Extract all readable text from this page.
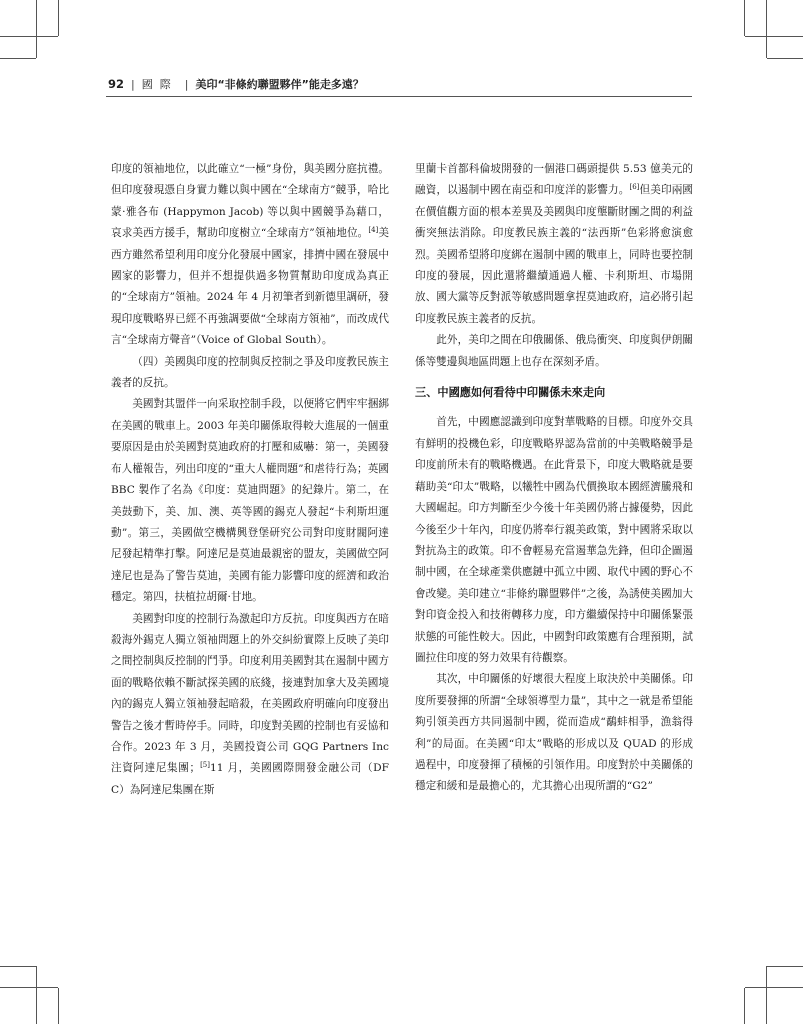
92 | 國際 | 美印“非條約聯盟夥伴”能走多遠？

印度的領袖地位，以此確立“一極”身份，與美國分庭抗禮。但印度發現憑自身實力難以與中國在“全球南方”競爭，哈比蒙·雅各布 (Happymon Jacob) 等以與中國競爭為藉口，哀求美西方援手，幫助印度樹立“全球南方”領袖地位。[4]美西方雖然希望利用印度分化發展中國家，排擠中國在發展中國家的影響力，但并不想提供過多物質幫助印度成為真正的“全球南方”領袖。2024 年 4 月初筆者到新德里調研，發現印度戰略界已經不再強調要做“全球南方領袖”，而改成代言“全球南方聲音”（Voice of Global South）。

（四）美國與印度的控制與反控制之爭及印度教民族主義者的反抗。

美國對其盟伴一向采取控制手段，以便將它們牢牢捆綁在美國的戰車上。2003 年美印關係取得較大進展的一個重要原因是由於美國對莫迪政府的打壓和威嚇：第一，美國發布人權報告，列出印度的“重大人權問題”和虐待行為；英國 BBC 製作了名為《印度：莫迪問題》的紀錄片。第二，在美鼓動下，美、加、澳、英等國的錫克人發起“卡利斯坦運動”。第三，美國做空機構興登堡研究公司對印度財閥阿達尼發起精準打擊。阿達尼是莫迪最親密的盟友，美國做空阿達尼也是為了警告莫迪，美國有能力影響印度的經濟和政治穩定。第四，扶植拉胡爾·甘地。

美國對印度的控制行為激起印方反抗。印度與西方在暗殺海外錫克人獨立領袖問題上的外交糾紛實際上反映了美印之間控制與反控制的鬥爭。印度利用美國對其在遏制中國方面的戰略依賴不斷試探美國的底綫，接連對加拿大及美國境內的錫克人獨立領袖發起暗殺，在美國政府明確向印度發出警告之後才暫時停手。同時，印度對美國的控制也有妥協和合作。2023 年 3 月，美國投資公司 GQG Partners Inc 注資阿達尼集團；[5]11 月，美國國際開發金融公司（DFC）為阿達尼集團在斯

里蘭卡首都科倫坡開發的一個港口碼頭提供 5.53 億美元的融資，以遏制中國在南亞和印度洋的影響力。[6]但美印兩國在價值觀方面的根本差異及美國與印度壟斷財團之間的利益衝突無法消除。印度教民族主義的“法西斯”色彩將愈演愈烈。美國希望將印度綁在遏制中國的戰車上，同時也要控制印度的發展，因此還將繼續通過人權、卡利斯坦、市場開放、國大黨等反對派等敏感問題拿捏莫迪政府，這必將引起印度教民族主義者的反抗。

此外，美印之間在印俄關係、俄烏衝突、印度與伊朗關係等雙邊與地區問題上也存在深刻矛盾。

三、中國應如何看待中印關係未來走向

首先，中國應認識到印度對華戰略的目標。印度外交具有鮮明的投機色彩，印度戰略界認為當前的中美戰略競爭是印度前所未有的戰略機遇。在此背景下，印度大戰略就是要藉助美“印太”戰略，以犧牲中國為代價換取本國經濟騰飛和大國崛起。印方判斷至少今後十年美國仍將占據優勢，因此今後至少十年內，印度仍將奉行親美政策，對中國將采取以對抗為主的政策。印不會輕易充當遏華急先鋒，但印企圖遏制中國，在全球產業供應鏈中孤立中國、取代中國的野心不會改變。美印建立“非條約聯盟夥伴”之後，為誘使美國加大對印資金投入和技術轉移力度，印方繼續保持中印關係緊張狀態的可能性較大。因此，中國對印政策應有合理預期，試圖拉住印度的努力效果有待觀察。

其次，中印關係的好壞很大程度上取決於中美關係。印度所要發揮的所謂“全球領導型力量”，其中之一就是希望能夠引領美西方共同遏制中國，從而造成“鷸蚌相爭，漁翁得利”的局面。在美國“印太”戰略的形成以及 QUAD 的形成過程中，印度發揮了積極的引領作用。印度對於中美關係的穩定和緩和是最擔心的，尤其擔心出現所謂的“G2”
